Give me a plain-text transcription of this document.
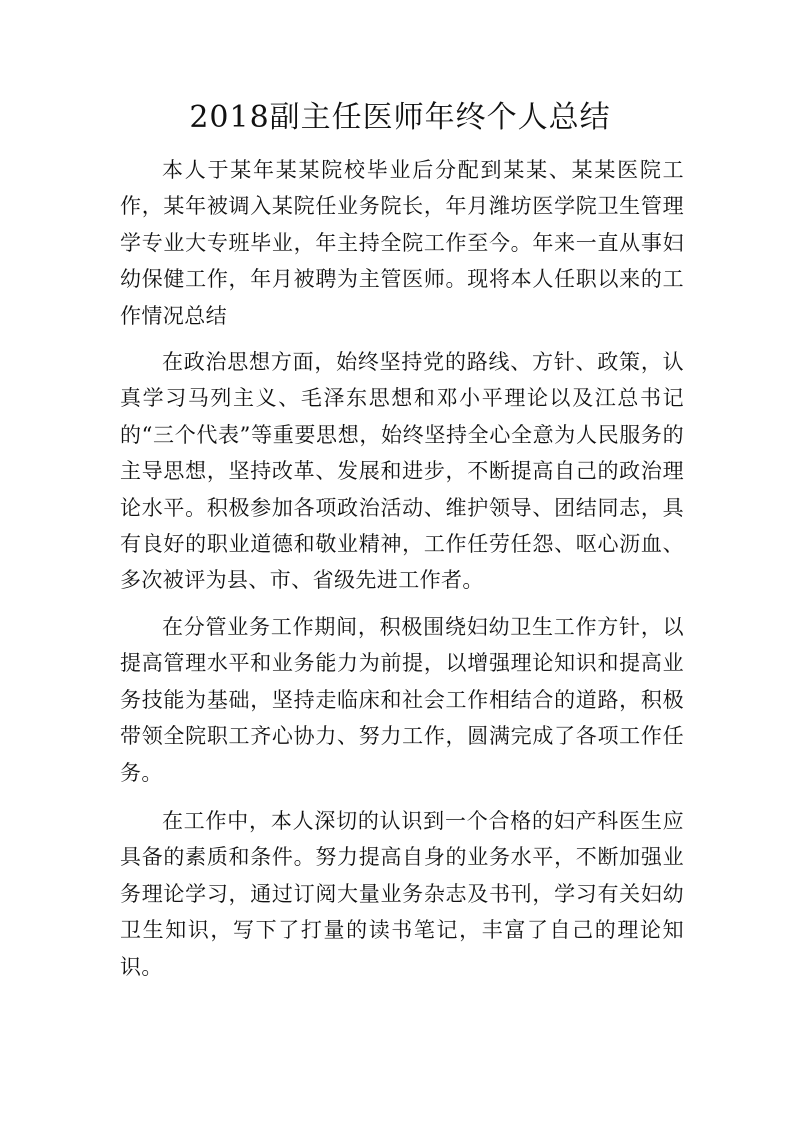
2018副主任医师年终个人总结

本人于某年某某院校毕业后分配到某某、某某医院工作，某年被调入某院任业务院长，年月潍坊医学院卫生管理学专业大专班毕业，年主持全院工作至今。年来一直从事妇幼保健工作，年月被聘为主管医师。现将本人任职以来的工作情况总结

在政治思想方面，始终坚持党的路线、方针、政策，认真学习马列主义、毛泽东思想和邓小平理论以及江总书记的“三个代表”等重要思想，始终坚持全心全意为人民服务的主导思想，坚持改革、发展和进步，不断提高自己的政治理论水平。积极参加各项政治活动、维护领导、团结同志，具有良好的职业道德和敬业精神，工作任劳任怨、呕心沥血、多次被评为县、市、省级先进工作者。

在分管业务工作期间，积极围绕妇幼卫生工作方针，以提高管理水平和业务能力为前提，以增强理论知识和提高业务技能为基础，坚持走临床和社会工作相结合的道路，积极带领全院职工齐心协力、努力工作，圆满完成了各项工作任务。

在工作中，本人深切的认识到一个合格的妇产科医生应具备的素质和条件。努力提高自身的业务水平，不断加强业务理论学习，通过订阅大量业务杂志及书刊，学习有关妇幼卫生知识，写下了打量的读书笔记，丰富了自己的理论知识。
